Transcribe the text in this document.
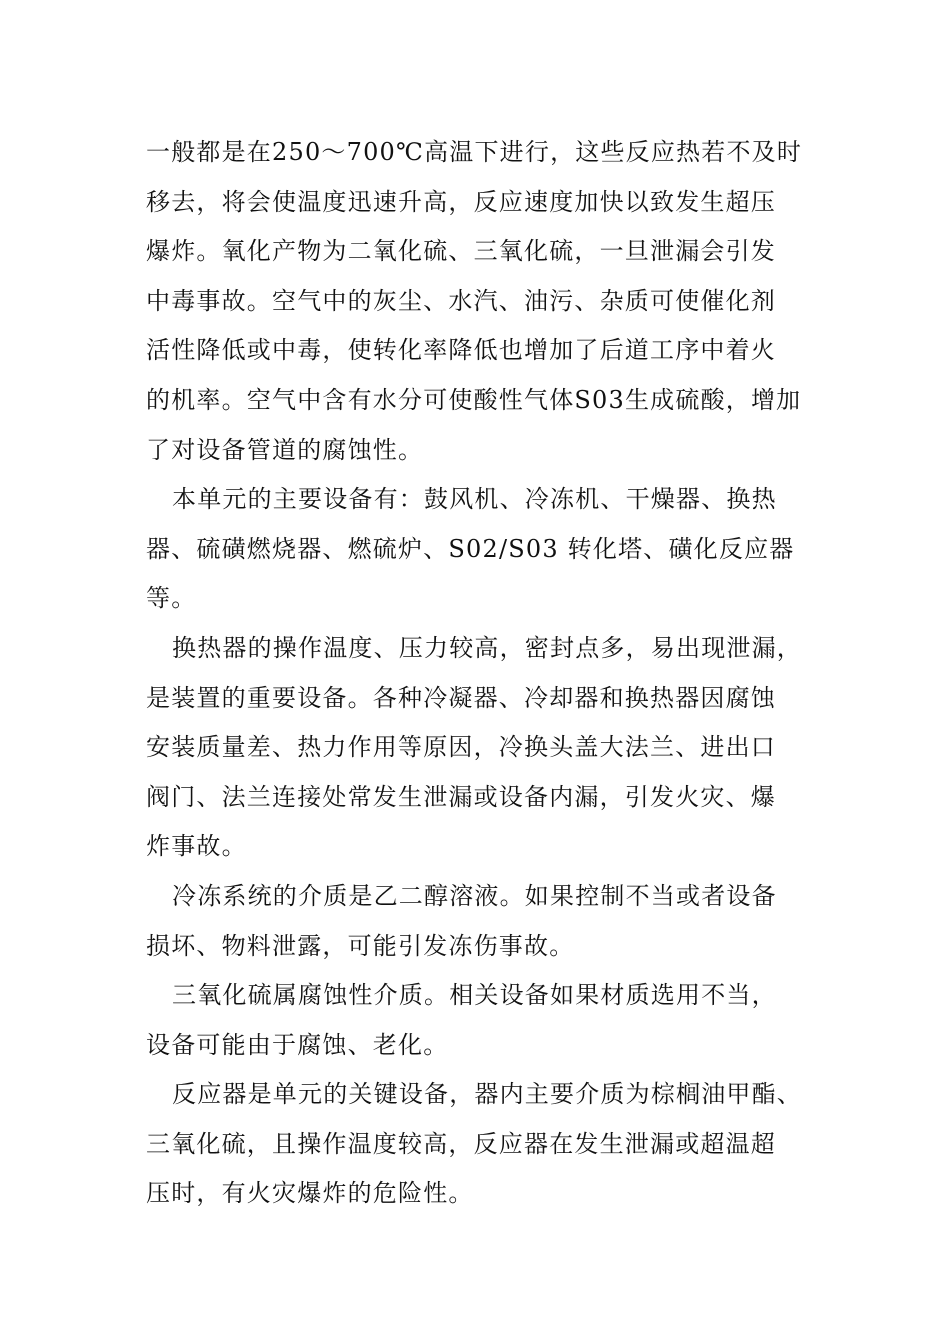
一般都是在250～700℃高温下进行，这些反应热若不及时
移去，将会使温度迅速升高，反应速度加快以致发生超压
爆炸。氧化产物为二氧化硫、三氧化硫，一旦泄漏会引发
中毒事故。空气中的灰尘、水汽、油污、杂质可使催化剂
活性降低或中毒，使转化率降低也增加了后道工序中着火
的机率。空气中含有水分可使酸性气体S03生成硫酸，增加
了对设备管道的腐蚀性。
本单元的主要设备有：鼓风机、冷冻机、干燥器、换热
器、硫磺燃烧器、燃硫炉、S02/S03 转化塔、磺化反应器
等。
换热器的操作温度、压力较高，密封点多，易出现泄漏，
是装置的重要设备。各种冷凝器、冷却器和换热器因腐蚀
安装质量差、热力作用等原因，冷换头盖大法兰、进出口
阀门、法兰连接处常发生泄漏或设备内漏，引发火灾、爆
炸事故。
冷冻系统的介质是乙二醇溶液。如果控制不当或者设备
损坏、物料泄露，可能引发冻伤事故。
三氧化硫属腐蚀性介质。相关设备如果材质选用不当，
设备可能由于腐蚀、老化。
反应器是单元的关键设备，器内主要介质为棕榈油甲酯、
三氧化硫，且操作温度较高，反应器在发生泄漏或超温超
压时，有火灾爆炸的危险性。
